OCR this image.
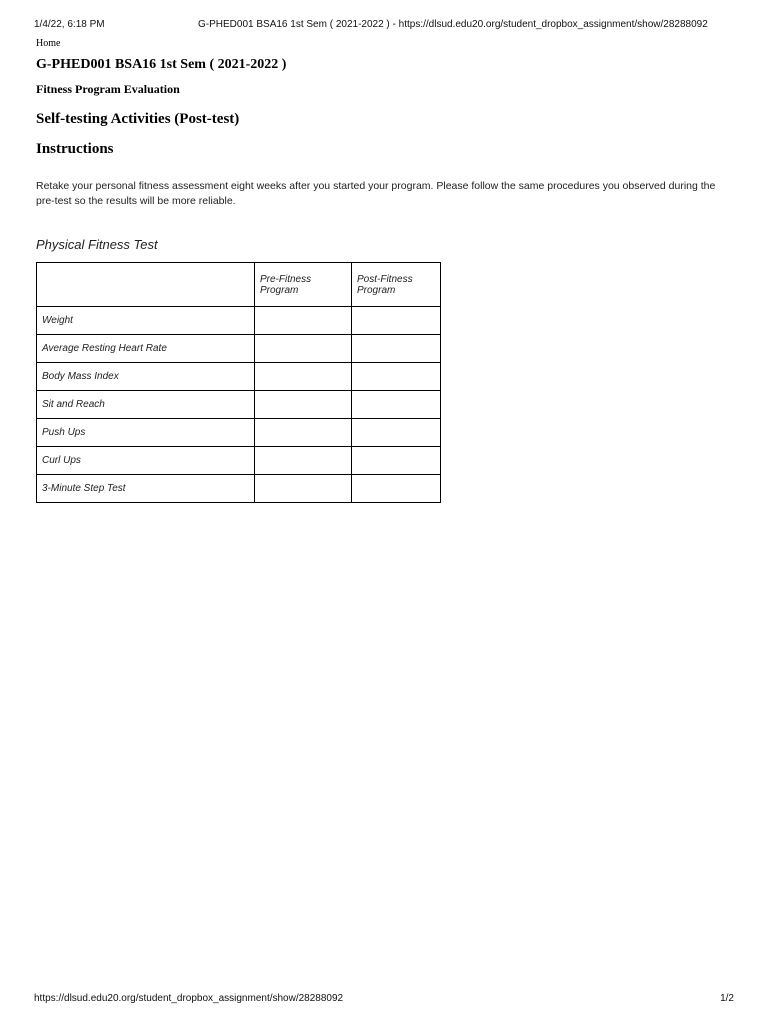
1/4/22, 6:18 PM	G-PHED001 BSA16 1st Sem ( 2021-2022 ) - https://dlsud.edu20.org/student_dropbox_assignment/show/28288092
Home
G-PHED001 BSA16 1st Sem ( 2021-2022 )
Fitness Program Evaluation
Self-testing Activities (Post-test)
Instructions

Retake your personal fitness assessment eight weeks after you started your program. Please follow the same procedures you observed during the pre-test so the results will be more reliable.

Physical Fitness Test

	Pre-Fitness Program	Post-Fitness Program
Weight		
Average Resting Heart Rate		
Body Mass Index		
Sit and Reach		
Push Ups		
Curl Ups		
3-Minute Step Test		
https://dlsud.edu20.org/student_dropbox_assignment/show/28288092	1/2
